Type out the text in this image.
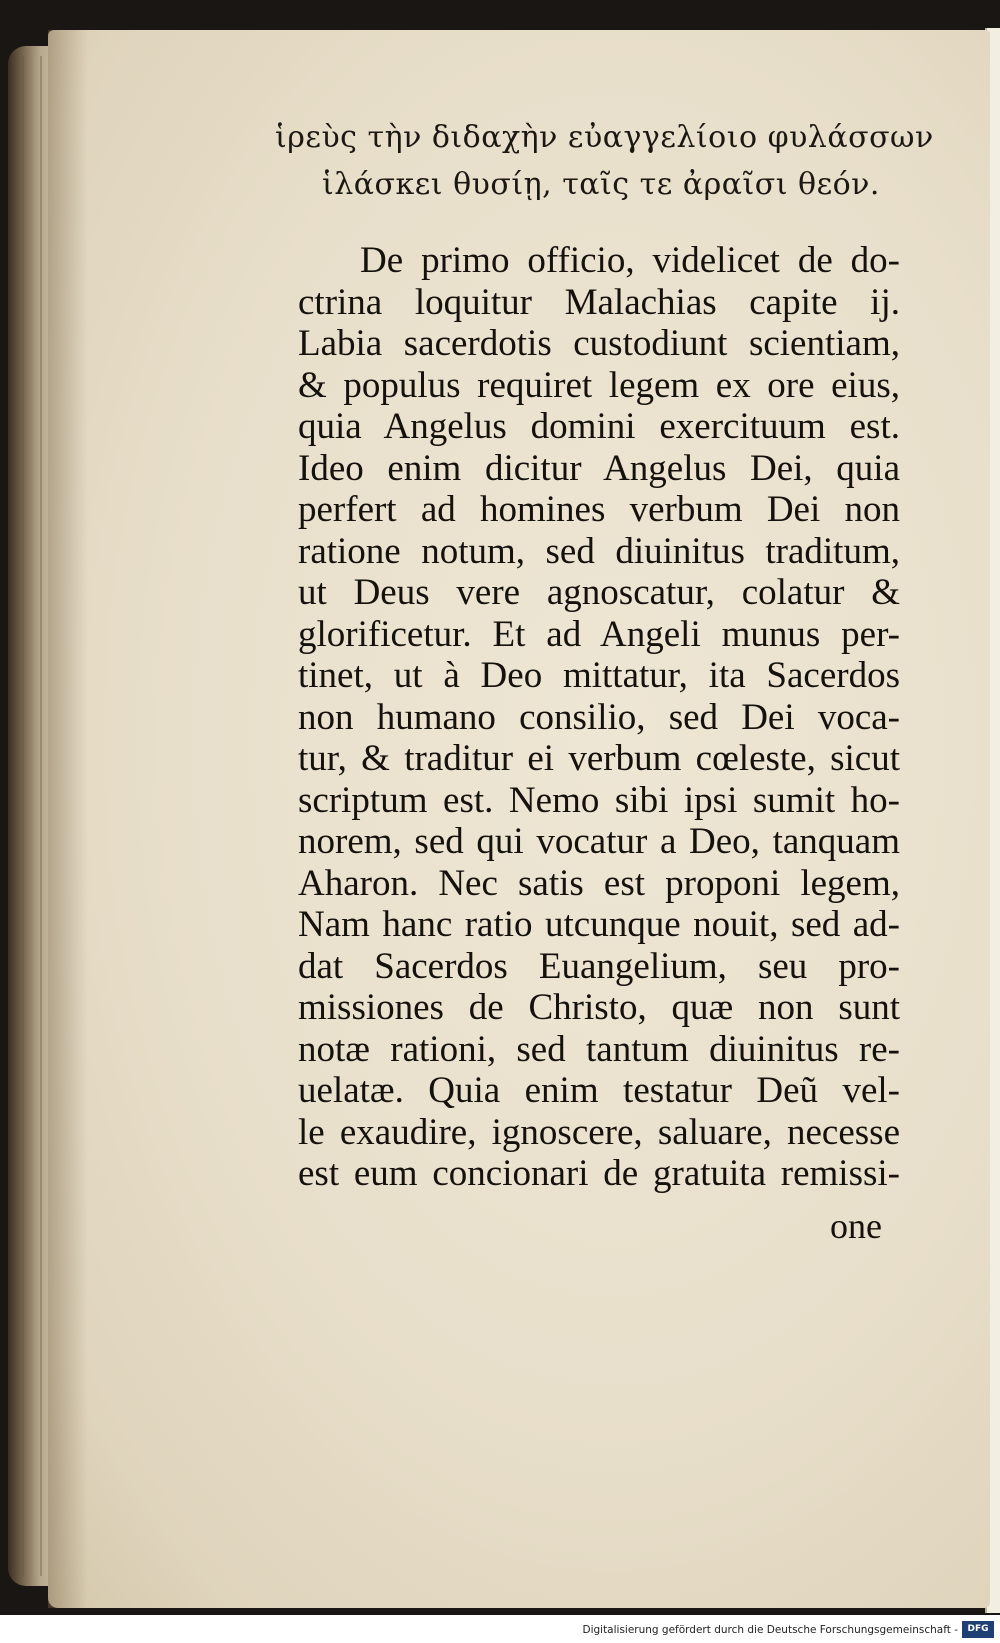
ἱρεὺς τὴν διδαχὴν εὐαγγελίοιο φυλάσσων
ἱλάσκει θυσίῃ, ταῖς τε ἀραῖσι θεόν.
De primo officio, videlicet de do-
ctrina loquitur Malachias capite ij.
Labia sacerdotis custodiunt scientiam,
& populus requiret legem ex ore eius,
quia Angelus domini exercituum est.
Ideo enim dicitur Angelus Dei, quia
perfert ad homines verbum Dei non
ratione notum, sed diuinitus traditum,
ut Deus vere agnoscatur, colatur &
glorificetur. Et ad Angeli munus per-
tinet, ut à Deo mittatur, ita Sacerdos
non humano consilio, sed Dei voca-
tur, & traditur ei verbum cœleste, sicut
scriptum est. Nemo sibi ipsi sumit ho-
norem, sed qui vocatur a Deo, tanquam
Aharon. Nec satis est proponi legem,
Nam hanc ratio utcunque nouit, sed ad-
dat Sacerdos Euangelium, seu pro-
missiones de Christo, quæ non sunt
notæ rationi, sed tantum diuinitus re-
uelatæ. Quia enim testatur Deũ vel-
le exaudire, ignoscere, saluare, necesse
est eum concionari de gratuita remissi-
one
Digitalisierung gefördert durch die Deutsche Forschungsgemeinschaft -	DFG
